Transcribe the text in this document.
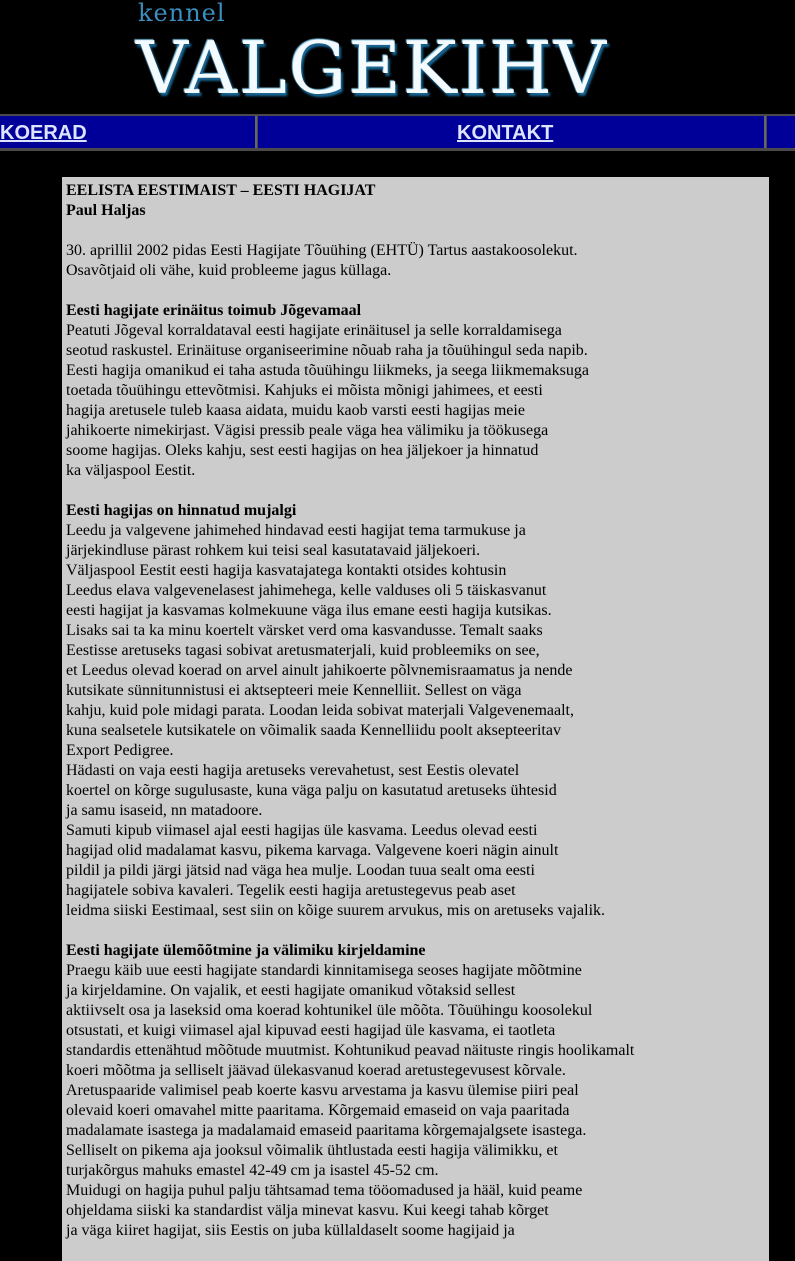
kennel
VALGEKIHV
KOERAD	KONTAKT
EELISTA EESTIMAIST – EESTI HAGIJAT
Paul Haljas
30. aprillil 2002 pidas Eesti Hagijate Tõuühing (EHTÜ) Tartus aastakoosolekut.
Osavõtjaid oli vähe, kuid probleeme jagus küllaga.
Eesti hagijate erinäitus toimub Jõgevamaal
Peatuti Jõgeval korraldataval eesti hagijate erinäitusel ja selle korraldamisega
seotud raskustel. Erinäituse organiseerimine nõuab raha ja tõuühingul seda napib.
Eesti hagija omanikud ei taha astuda tõuühingu liikmeks, ja seega liikmemaksuga
toetada tõuühingu ettevõtmisi. Kahjuks ei mõista mõnigi jahimees, et eesti
hagija aretusele tuleb kaasa aidata, muidu kaob varsti eesti hagijas meie
jahikoerte nimekirjast. Vägisi pressib peale väga hea välimiku ja töökusega
soome hagijas. Oleks kahju, sest eesti hagijas on hea jäljekoer ja hinnatud
ka väljaspool Eestit.
Eesti hagijas on hinnatud mujalgi
Leedu ja valgevene jahimehed hindavad eesti hagijat tema tarmukuse ja
järjekindluse pärast rohkem kui teisi seal kasutatavaid jäljekoeri.
Väljaspool Eestit eesti hagija kasvatajatega kontakti otsides kohtusin
Leedus elava valgevenelasest jahimehega, kelle valduses oli 5 täiskasvanut
eesti hagijat ja kasvamas kolmekuune väga ilus emane eesti hagija kutsikas.
Lisaks sai ta ka minu koertelt värsket verd oma kasvandusse. Temalt saaks
Eestisse aretuseks tagasi sobivat aretusmaterjali, kuid probleemiks on see,
et Leedus olevad koerad on arvel ainult jahikoerte põlvnemisraamatus ja nende
kutsikate sünnitunnistusi ei aktsepteeri meie Kennelliit. Sellest on väga
kahju, kuid pole midagi parata. Loodan leida sobivat materjali Valgevenemaalt,
kuna sealsetele kutsikatele on võimalik saada Kennelliidu poolt aksepteeritav
Export Pedigree.
Hädasti on vaja eesti hagija aretuseks verevahetust, sest Eestis olevatel
koertel on kõrge sugulusaste, kuna väga palju on kasutatud aretuseks ühtesid
ja samu isaseid, nn matadoore.
Samuti kipub viimasel ajal eesti hagijas üle kasvama. Leedus olevad eesti
hagijad olid madalamat kasvu, pikema karvaga. Valgevene koeri nägin ainult
pildil ja pildi järgi jätsid nad väga hea mulje. Loodan tuua sealt oma eesti
hagijatele sobiva kavaleri. Tegelik eesti hagija aretustegevus peab aset
leidma siiski Eestimaal, sest siin on kõige suurem arvukus, mis on aretuseks vajalik.
Eesti hagijate ülemõõtmine ja välimiku kirjeldamine
Praegu käib uue eesti hagijate standardi kinnitamisega seoses hagijate mõõtmine
ja kirjeldamine. On vajalik, et eesti hagijate omanikud võtaksid sellest
aktiivselt osa ja laseksid oma koerad kohtunikel üle mõõta. Tõuühingu koosolekul
otsustati, et kuigi viimasel ajal kipuvad eesti hagijad üle kasvama, ei taotleta
standardis ettenähtud mõõtude muutmist. Kohtunikud peavad näituste ringis hoolikamalt
koeri mõõtma ja selliselt jäävad ülekasvanud koerad aretustegevusest kõrvale.
Aretuspaaride valimisel peab koerte kasvu arvestama ja kasvu ülemise piiri peal
olevaid koeri omavahel mitte paaritama. Kõrgemaid emaseid on vaja paaritada
madalamate isastega ja madalamaid emaseid paaritama kõrgemajalgsete isastega.
Selliselt on pikema aja jooksul võimalik ühtlustada eesti hagija välimikku, et
turjakõrgus mahuks emastel 42-49 cm ja isastel 45-52 cm.
Muidugi on hagija puhul palju tähtsamad tema tööomadused ja hääl, kuid peame
ohjeldama siiski ka standardist välja minevat kasvu. Kui keegi tahab kõrget
ja väga kiiret hagijat, siis Eestis on juba küllaldaselt soome hagijaid ja
